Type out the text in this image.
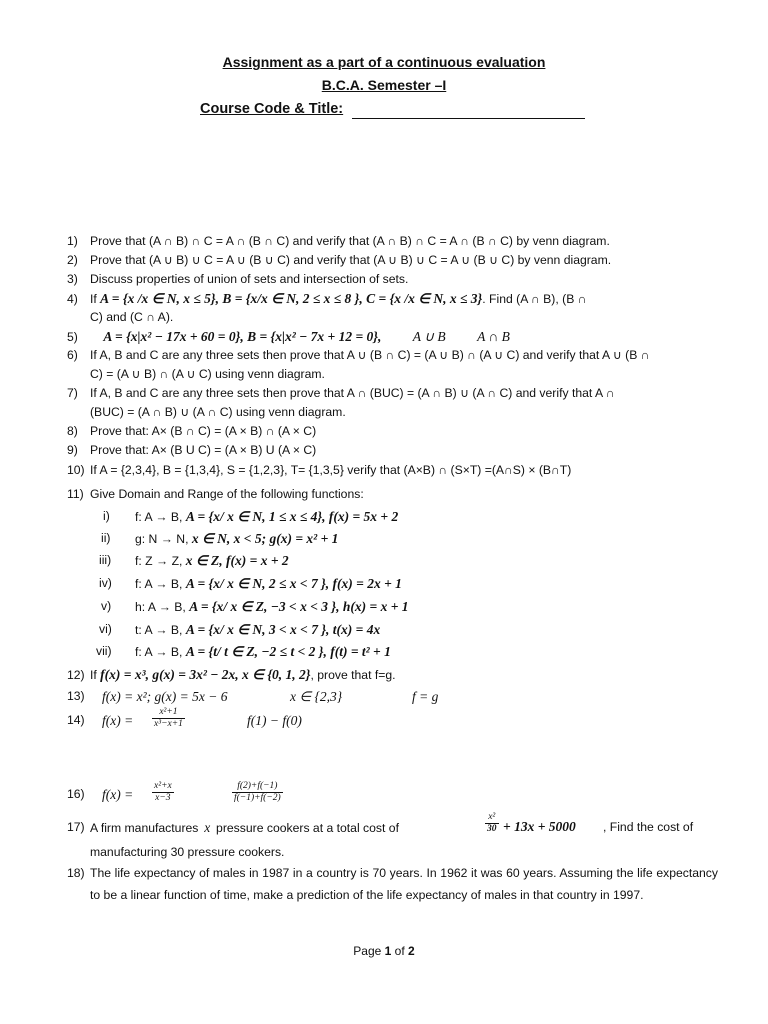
Assignment as a part of a continuous evaluation
B.C.A. Semester –I
Course Code & Title:
1) Prove that (A ∩ B) ∩ C = A ∩ (B ∩ C) and verify that (A ∩ B) ∩ C = A ∩ (B ∩ C) by venn diagram.
2) Prove that (A ∪ B) ∪ C = A ∪ (B ∪ C) and verify that (A ∪ B) ∪ C = A ∪ (B ∪ C) by venn diagram.
3) Discuss properties of union of sets and intersection of sets.
4) If A = {x /x ∈ N, x ≤ 5}, B = {x/x ∈ N, 2 ≤ x ≤ 8 }, C = {x /x ∈ N, x ≤ 3}. Find (A ∩ B), (B ∩
C) and (C ∩ A).
5) A = {x|x² − 17x + 60 = 0}, B = {x|x² − 7x + 12 = 0}, A ∪ B A ∩ B
6) If A, B and C are any three sets then prove that A ∪ (B ∩ C) = (A ∪ B) ∩ (A ∪ C) and verify that A ∪ (B ∩
C) = (A ∪ B) ∩ (A ∪ C) using venn diagram.
7) If A, B and C are any three sets then prove that A ∩ (BUC) = (A ∩ B) ∪ (A ∩ C) and verify that A ∩
(BUC) = (A ∩ B) ∪ (A ∩ C) using venn diagram.
8) Prove that: A× (B ∩ C) = (A × B) ∩ (A × C)
9) Prove that: A× (B U C) = (A × B) U (A × C)
10) If A = {2,3,4}, B = {1,3,4}, S = {1,2,3}, T= {1,3,5} verify that (A×B) ∩ (S×T) =(A∩S) × (B∩T)
11) Give Domain and Range of the following functions:
i) f: A → B, A = {x/ x ∈ N, 1 ≤ x ≤ 4}, f(x) = 5x + 2
ii) g: N → N, x ∈ N, x < 5; g(x) = x² + 1
iii) f: Z → Z, x ∈ Z, f(x) = x + 2
iv) f: A → B, A = {x/ x ∈ N, 2 ≤ x < 7 }, f(x) = 2x + 1
v) h: A → B, A = {x/ x ∈ Z, −3 < x < 3 }, h(x) = x + 1
vi) t: A → B, A = {x/ x ∈ N, 3 < x < 7 }, t(x) = 4x
vii) f: A → B, A = {t/ t ∈ Z, −2 ≤ t < 2 }, f(t) = t² + 1
12) If f(x) = x³, g(x) = 3x² − 2x, x ∈ {0, 1, 2}, prove that f=g.
13) f(x) = x²; g(x) = 5x − 6	x ∈ {2,3}	f = g
14)	$f(x) = \frac{\text{x²+1}}{\text{x³−x+1}}$	f(1) − f(0)
16)	$f(x) = \frac{\text{x²+x}}{x-3}$	$\frac{f(2)+f(-1)}{f(-1)+f(-2)}$
17) A firm manufactures  x  pressure cookers at a total cost of  	$\frac{\text{x²}}{30} + 13x + 5000$ , Find the cost of
manufacturing 30 pressure cookers.
18) The life expectancy of males in 1987 in a country is 70 years. In 1962 it was 60 years. Assuming the life expectancy to be a linear function of time, make a prediction of the life expectancy of males in that country in 1997.
Page 1 of 2
